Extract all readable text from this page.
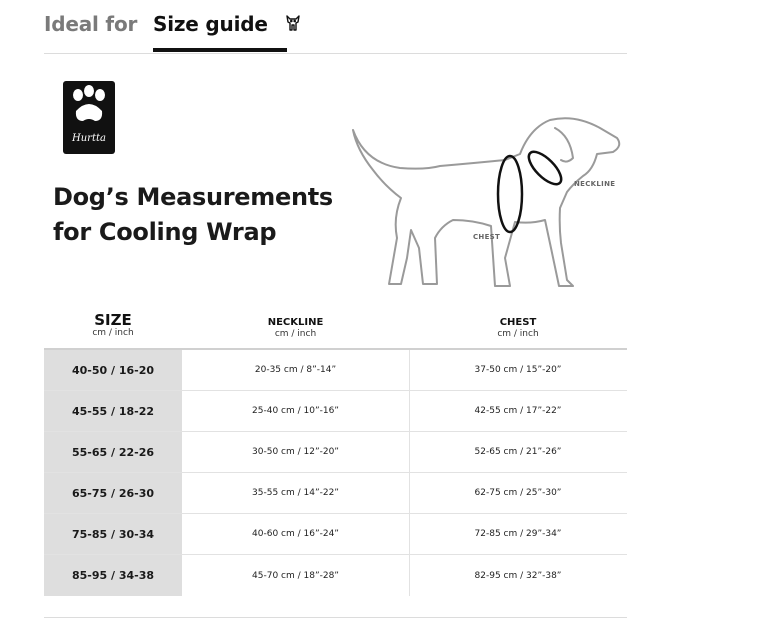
Ideal for Size guide
Hurtta
Dog’s Measurements
for Cooling Wrap
NECKLINE
CHEST
SIZE
cm / inch
NECKLINE
cm / inch
CHEST
cm / inch
40-50 / 16-20	20-35 cm / 8”-14”	37-50 cm / 15”-20”
45-55 / 18-22	25-40 cm / 10”-16”	42-55 cm / 17”-22”
55-65 / 22-26	30-50 cm / 12”-20”	52-65 cm / 21”-26”
65-75 / 26-30	35-55 cm / 14”-22”	62-75 cm / 25”-30”
75-85 / 30-34	40-60 cm / 16”-24”	72-85 cm / 29”-34”
85-95 / 34-38	45-70 cm / 18”-28”	82-95 cm / 32”-38”
